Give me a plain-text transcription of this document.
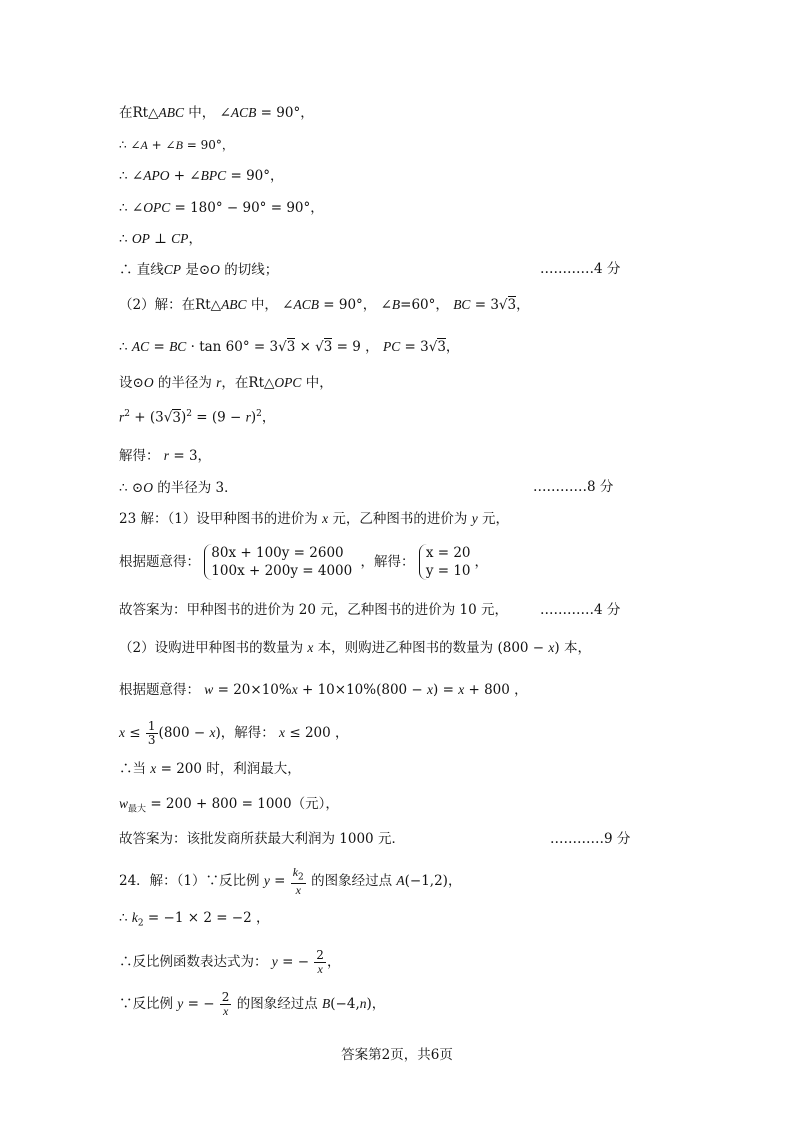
在Rt△ABC 中， ∠ACB = 90°，
∴ ∠A + ∠B = 90°，
∴ ∠APO + ∠BPC = 90°，
∴ ∠OPC = 180° − 90° = 90°，
∴ OP ⊥ CP，
∴ 直线CP 是⊙O 的切线；	…………4 分
（2）解：在Rt△ABC 中， ∠ACB = 90°， ∠B=60°， BC = 3√3，
∴ AC = BC · tan 60° = 3√3 × √3 = 9 ， PC = 3√3，
设⊙O 的半径为 r，在Rt△OPC 中，
$r^2 + (3√3)^2 = (9 - r)^2$，
解得： r = 3，
∴ ⊙O 的半径为 3．	…………8 分
23 解：（1）设甲种图书的进价为 x 元，乙种图书的进价为 y 元，
根据题意得：
80x + 100y = 2600
100x + 200y = 4000
，解得：
x = 20
y = 10
，
故答案为：甲种图书的进价为 20 元，乙种图书的进价为 10 元， …………4 分
（2）设购进甲种图书的数量为 x 本，则购进乙种图书的数量为 (800 − x) 本，
根据题意得： w = 20×10%x + 10×10%(800 − x) = x + 800 ，
$x \le \frac{1}{3} (800 - x)$，解得： x ≤ 200 ，
∴当 x = 200 时，利润最大，
$w_{最大} = 200 + 800 = 1000$（元），
故答案为：该批发商所获最大利润为 1000 元．	…………9 分
24．解：（1）∵反比例 $y = \frac{k_2}{x}$ 的图象经过点 A(−1,2)，
∴ $k_2 = -1 \times 2 = -2$ ，
∴反比例函数表达式为： y = − $\frac{2}{x}$ ，
∵反比例 y = − $\frac{2}{x}$ 的图象经过点 B(−4,n)，
答案第2页，共6页
